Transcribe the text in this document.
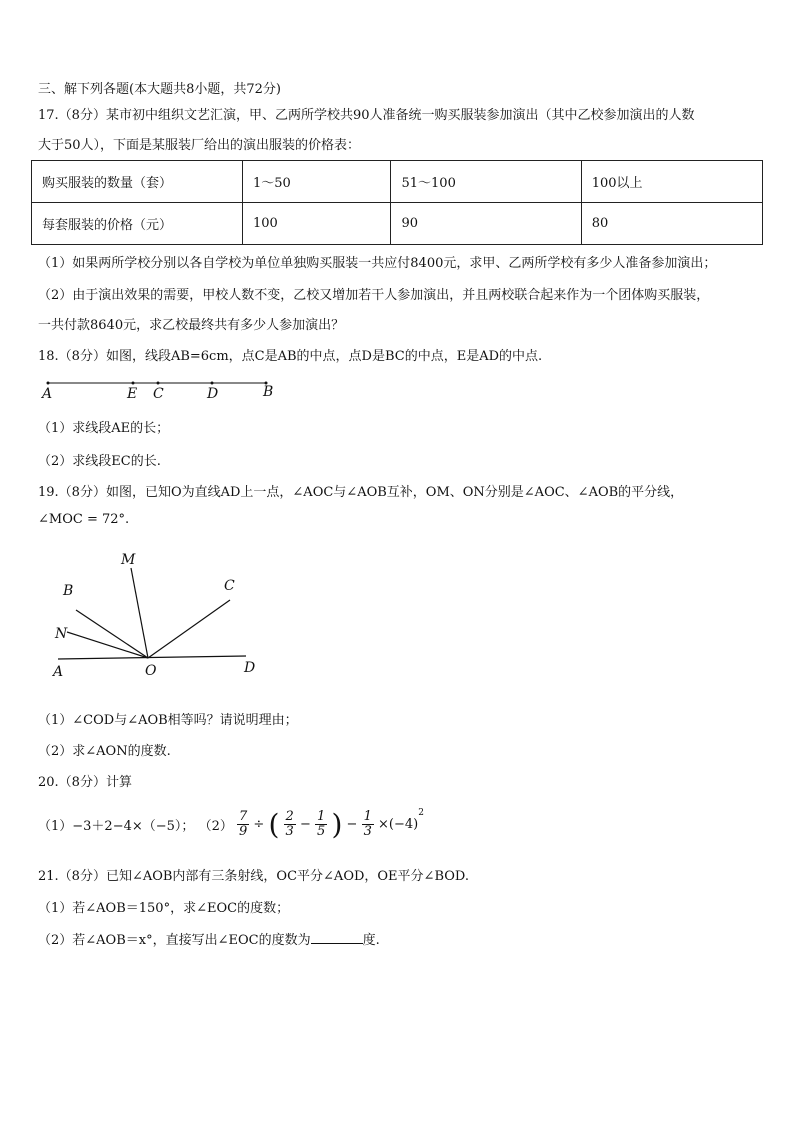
三、解下列各题(本大题共8小题，共72分)
17.（8分）某市初中组织文艺汇演，甲、乙两所学校共90人准备统一购买服装参加演出（其中乙校参加演出的人数
大于50人），下面是某服装厂给出的演出服装的价格表：
购买服装的数量（套）	1～50	51～100	100以上
每套服装的价格（元）	100	90	80
（1）如果两所学校分别以各自学校为单位单独购买服装一共应付8400元，求甲、乙两所学校有多少人准备参加演出；
（2）由于演出效果的需要，甲校人数不变，乙校又增加若干人参加演出，并且两校联合起来作为一个团体购买服装，
一共付款8640元，求乙校最终共有多少人参加演出？
18.（8分）如图，线段AB=6cm，点C是AB的中点，点D是BC的中点，E是AD的中点.
A	E C	D	B
（1）求线段AE的长；
（2）求线段EC的长.
19.（8分）如图，已知O为直线AD上一点，∠AOC与∠AOB互补，OM、ON分别是∠AOC、∠AOB的平分线，
∠MOC = 72°.
M
B	C
N
A	O	D
（1）∠COD与∠AOB相等吗？请说明理由；
（2）求∠AON的度数.
20.（8分）计算
（1）−3＋2−4×（−5）； $(2) \frac{7}{9}$ ÷ ( $\frac{2}{3} - \frac{1}{5}$ ) − $\frac{1}{3} \times(-4)^2$
21.（8分）已知∠AOB内部有三条射线，OC平分∠AOD，OE平分∠BOD.
（1）若∠AOB＝150°，求∠EOC的度数；
（2）若∠AOB＝x°，直接写出∠EOC的度数为	度.
